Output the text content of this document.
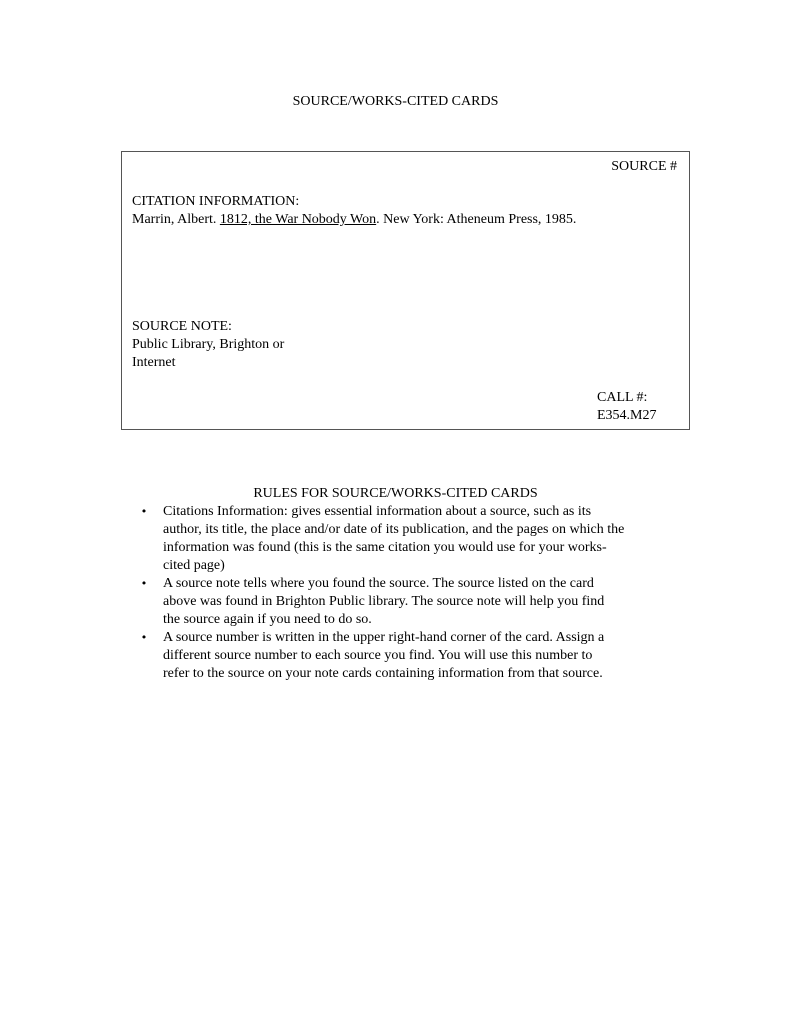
SOURCE/WORKS-CITED CARDS
SOURCE #
CITATION INFORMATION:
Marrin, Albert. 1812, the War Nobody Won. New York: Atheneum Press, 1985.
SOURCE NOTE:
Public Library, Brighton or
Internet
CALL #:
E354.M27
RULES FOR SOURCE/WORKS-CITED CARDS
• Citations Information: gives essential information about a source, such as its
author, its title, the place and/or date of its publication, and the pages on which the
information was found (this is the same citation you would use for your works-
cited page)
• A source note tells where you found the source. The source listed on the card
above was found in Brighton Public library. The source note will help you find
the source again if you need to do so.
• A source number is written in the upper right-hand corner of the card. Assign a
different source number to each source you find. You will use this number to
refer to the source on your note cards containing information from that source.
